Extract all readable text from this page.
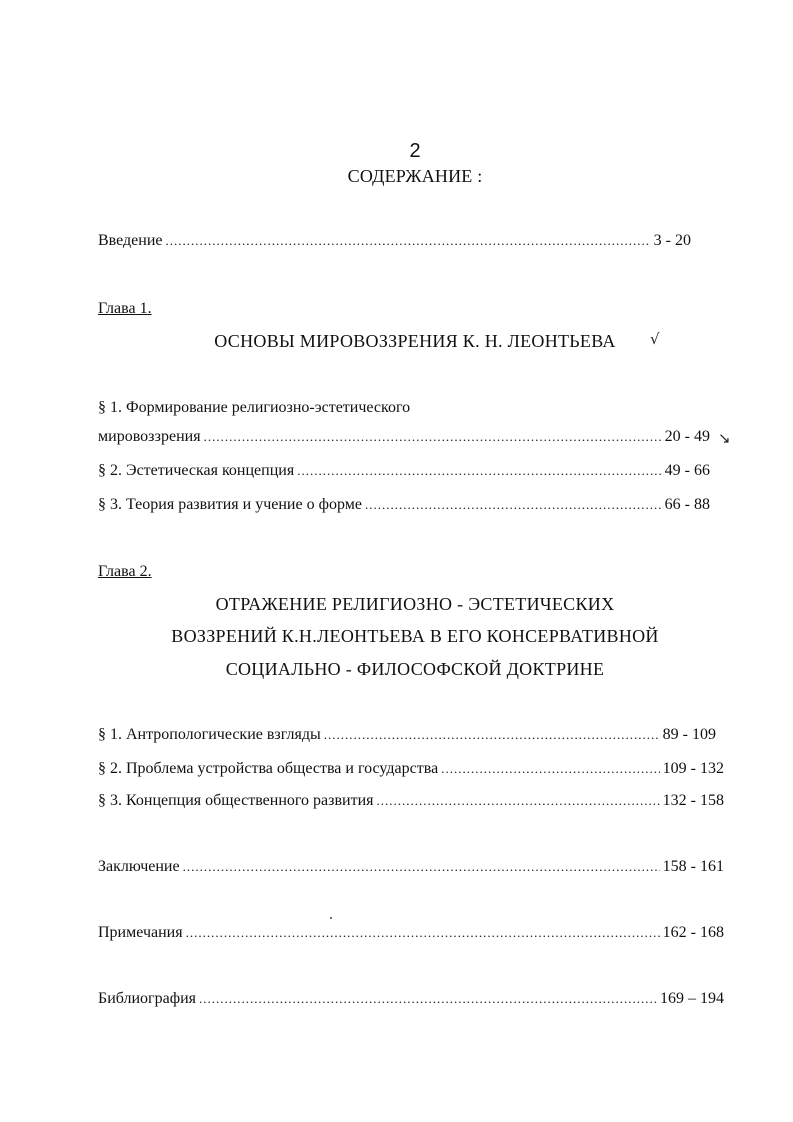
2
СОДЕРЖАНИЕ :
Введение .....	3 - 20
Глава 1.
ОСНОВЫ МИРОВОЗЗРЕНИЯ К. Н. ЛЕОНТЬЕВА	√
§ 1. Формирование религиозно-эстетического
мировоззрения .....	20 - 49 ↘
§ 2. Эстетическая концепция .....	49 - 66
§ 3. Теория развития и учение о форме .....	66 - 88
Глава 2.
ОТРАЖЕНИЕ РЕЛИГИОЗНО - ЭСТЕТИЧЕСКИХ
ВОЗЗРЕНИЙ К.Н.ЛЕОНТЬЕВА В ЕГО КОНСЕРВАТИВНОЙ
СОЦИАЛЬНО - ФИЛОСОФСКОЙ ДОКТРИНЕ
§ 1. Антропологические взгляды .....	89 - 109
§ 2. Проблема устройства общества и государства .....	109 - 132
§ 3. Концепция общественного развития .....	132 - 158
Заключение .....	158 - 161
Примечания .....	162 - 168
Библиография .....	169 – 194
